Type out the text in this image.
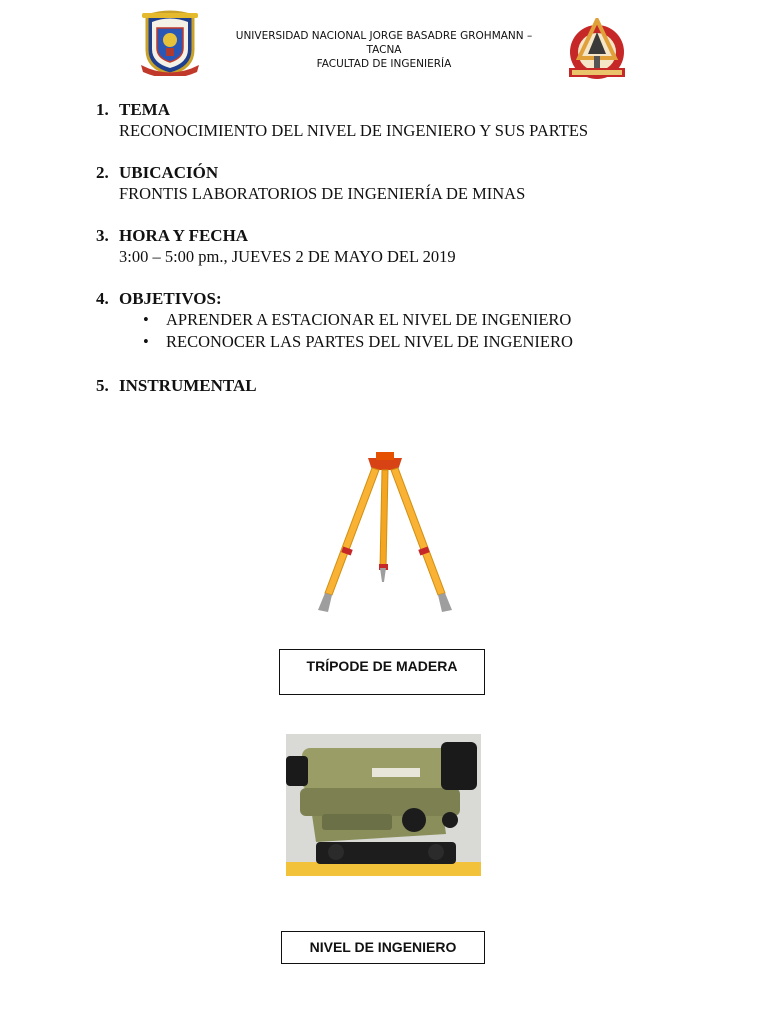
UNIVERSIDAD NACIONAL JORGE BASADRE GROHMANN –
TACNA
FACULTAD DE INGENIERÍA
1. TEMA
RECONOCIMIENTO DEL NIVEL DE INGENIERO Y SUS PARTES
2. UBICACIÓN
FRONTIS LABORATORIOS DE INGENIERÍA DE MINAS
3. HORA Y FECHA
3:00 – 5:00 pm., JUEVES 2 DE MAYO DEL 2019
4. OBJETIVOS:
• APRENDER A ESTACIONAR EL NIVEL DE INGENIERO
• RECONOCER LAS PARTES DEL NIVEL DE INGENIERO
5. INSTRUMENTAL
TRÍPODE DE MADERA
NIVEL DE INGENIERO
